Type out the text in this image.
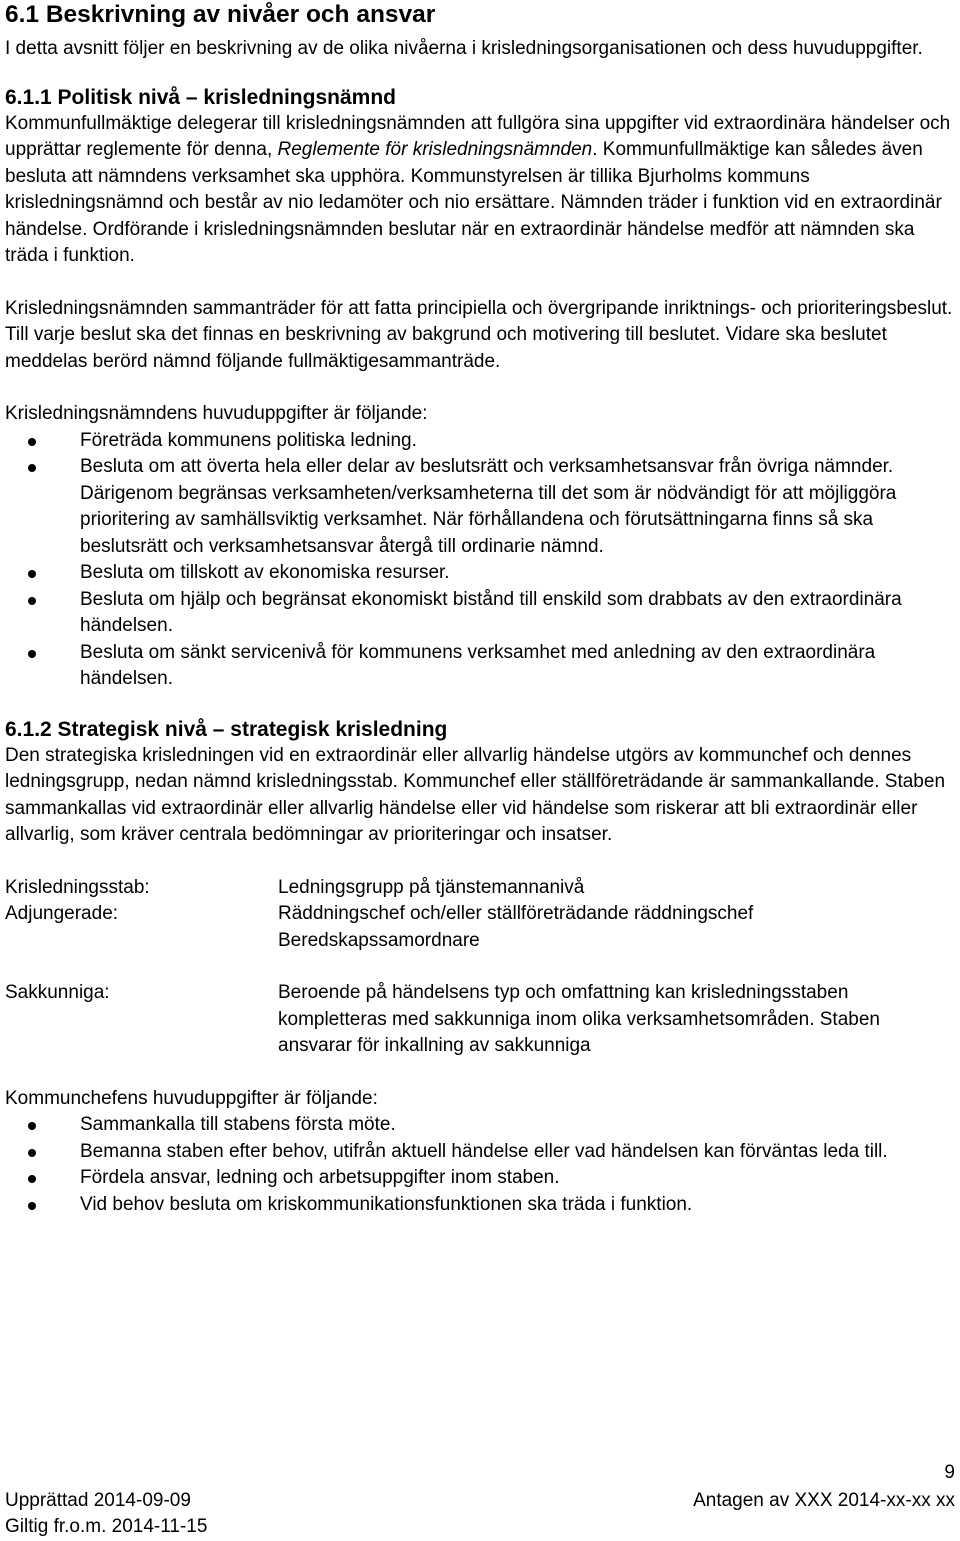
6.1 Beskrivning av nivåer och ansvar

I detta avsnitt följer en beskrivning av de olika nivåerna i krisledningsorganisationen och dess huvuduppgifter.

6.1.1 Politisk nivå – krisledningsnämnd

Kommunfullmäktige delegerar till krisledningsnämnden att fullgöra sina uppgifter vid extraordinära händelser och upprättar reglemente för denna, Reglemente för krisledningsnämnden. Kommunfullmäktige kan således även besluta att nämndens verksamhet ska upphöra. Kommunstyrelsen är tillika Bjurholms kommuns krisledningsnämnd och består av nio ledamöter och nio ersättare. Nämnden träder i funktion vid en extraordinär händelse. Ordförande i krisledningsnämnden beslutar när en extraordinär händelse medför att nämnden ska träda i funktion.

Krisledningsnämnden sammanträder för att fatta principiella och övergripande inriktnings- och prioriteringsbeslut. Till varje beslut ska det finnas en beskrivning av bakgrund och motivering till beslutet. Vidare ska beslutet meddelas berörd nämnd följande fullmäktigesammanträde.

Krisledningsnämndens huvuduppgifter är följande:

Företräda kommunens politiska ledning.
Besluta om att överta hela eller delar av beslutsrätt och verksamhetsansvar från övriga nämnder. Därigenom begränsas verksamheten/verksamheterna till det som är nödvändigt för att möjliggöra prioritering av samhällsviktig verksamhet. När förhållandena och förutsättningarna finns så ska beslutsrätt och verksamhetsansvar återgå till ordinarie nämnd.
Besluta om tillskott av ekonomiska resurser.
Besluta om hjälp och begränsat ekonomiskt bistånd till enskild som drabbats av den extraordinära händelsen.
Besluta om sänkt servicenivå för kommunens verksamhet med anledning av den extraordinära händelsen.
6.1.2 Strategisk nivå – strategisk krisledning

Den strategiska krisledningen vid en extraordinär eller allvarlig händelse utgörs av kommunchef och dennes ledningsgrupp, nedan nämnd krisledningsstab. Kommunchef eller ställföreträdande är sammankallande. Staben sammankallas vid extraordinär eller allvarlig händelse eller vid händelse som riskerar att bli extraordinär eller allvarlig, som kräver centrala bedömningar av prioriteringar och insatser.

Krisledningsstab:	Ledningsgrupp på tjänstemannanivå
Adjungerade:	Räddningschef och/eller ställföreträdande räddningschef
Beredskapssamordnare
Sakkunniga:	Beroende på händelsens typ och omfattning kan krisledningsstaben kompletteras med sakkunniga inom olika verksamhetsområden. Staben ansvarar för inkallning av sakkunniga

Kommunchefens huvuduppgifter är följande:

Sammankalla till stabens första möte.
Bemanna staben efter behov, utifrån aktuell händelse eller vad händelsen kan förväntas leda till.
Fördela ansvar, ledning och arbetsuppgifter inom staben.
Vid behov besluta om kriskommunikationsfunktionen ska träda i funktion.
9
Upprättad 2014-09-09	Antagen av XXX 2014-xx-xx xx
Giltig fr.o.m. 2014-11-15
